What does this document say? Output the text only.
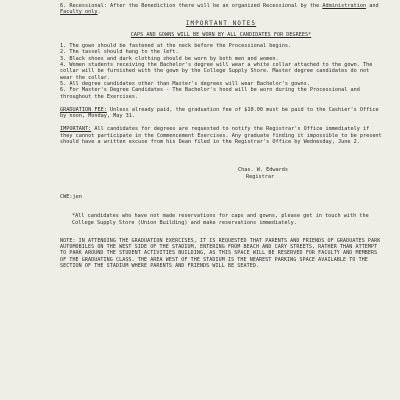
6. Recessional: After the Benediction there will be an organized Recessional by the Administration and Faculty only.

IMPORTANT NOTES

CAPS AND GOWNS WILL BE WORN BY ALL CANDIDATES FOR DEGREES*

1. The gown should be fastened at the neck before the Processional begins.

2. The tassel should hang to the left.

3. Black shoes and dark clothing should be worn by both men and women.

4. Women students receiving the Bachelor's degree will wear a white collar attached to the gown. The collar will be furnished with the gown by the College Supply Store. Master degree candidates do not wear the collar.

5. All degree candidates other than Master's degrees will wear Bachelor's gowns.

6. For Master's Degree Candidates - The Bachelor's hood will be worn during the Processional and throughout the Exercises.

GRADUATION FEE: Unless already paid, the graduation fee of $10.00 must be paid to the Cashier's Office by noon, Monday, May 31.

IMPORTANT: All candidates for degrees are requested to notify the Registrar's Office immediately if they cannot participate in the Commencement Exercises. Any graduate finding it impossible to be present should have a written excuse from his Dean filed in the Registrar's Office by Wednesday, June 2.

Chas. W. Edwards

Registrar

CWE:jen

*All candidates who have not made reservations for caps and gowns, please get in touch with the College Supply Store (Union Building) and make reservations immediately.

NOTE: IN ATTENDING THE GRADUATION EXERCISES, IT IS REQUESTED THAT PARENTS AND FRIENDS OF GRADUATES PARK AUTOMOBILES ON THE WEST SIDE OF THE STADIUM, ENTERING FROM BEACH AND CARY STREETS, RATHER THAN ATTEMPT TO PARK AROUND THE STUDENT ACTIVITIES BUILDING, AS THIS SPACE WILL BE RESERVED FOR FACULTY AND MEMBERS OF THE GRADUATING CLASS. THE AREA WEST OF THE STADIUM IS THE NEAREST PARKING SPACE AVAILABLE TO THE SECTION OF THE STADIUM WHERE PARENTS AND FRIENDS WILL BE SEATED.
